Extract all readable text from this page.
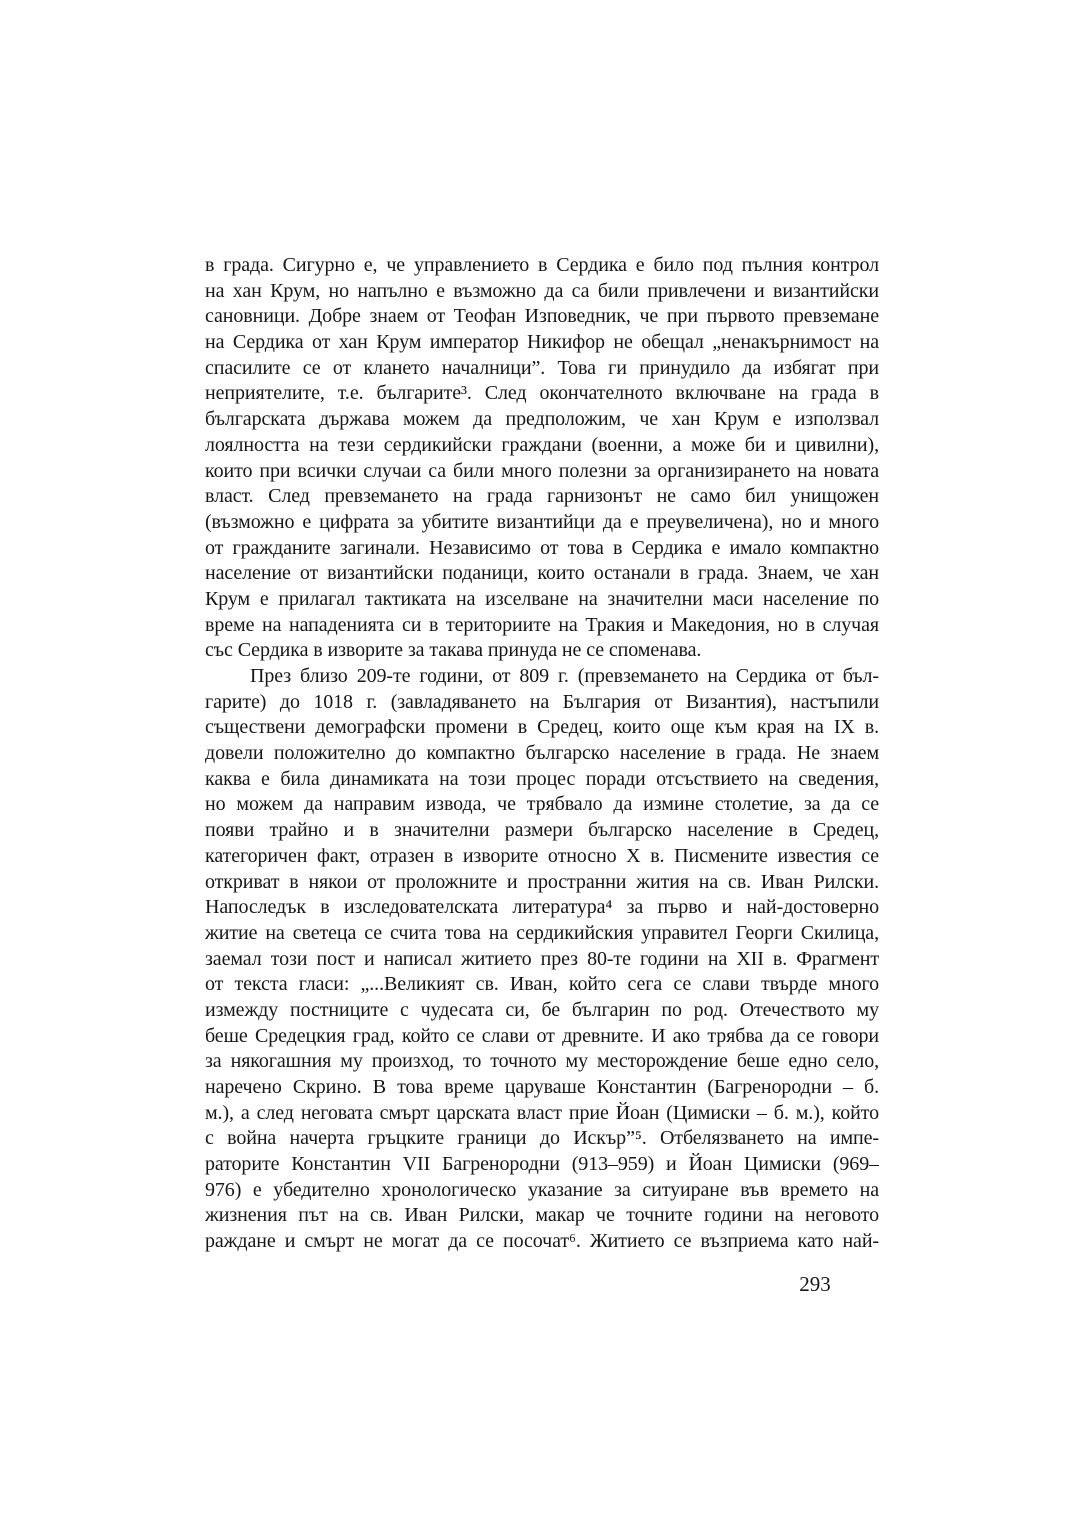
в града. Сигурно е, че управлението в Сердика е било под пълния контрол
на хан Крум, но напълно е възможно да са били привлечени и византийски
сановници. Добре знаем от Теофан Изповедник, че при първото превземане
на Сердика от хан Крум император Никифор не обещал „ненакърнимост на
спасилите се от клането началници”. Това ги принудило да избягат при
неприятелите, т.е. българите³. След окончателното включване на града в
българската държава можем да предположим, че хан Крум е използвал
лоялността на тези сердикийски граждани (военни, а може би и цивилни),
които при всички случаи са били много полезни за организирането на новата
власт. След превземането на града гарнизонът не само бил унищожен
(възможно е цифрата за убитите византийци да е преувеличена), но и много
от гражданите загинали. Независимо от това в Сердика е имало компактно
население от византийски поданици, които останали в града. Знаем, че хан
Крум е прилагал тактиката на изселване на значителни маси население по
време на нападенията си в териториите на Тракия и Македония, но в случая
със Сердика в изворите за такава принуда не се споменава.
През близо 209-те години, от 809 г. (превземането на Сердика от бъл-
гарите) до 1018 г. (завладяването на България от Византия), настъпили
съществени демографски промени в Средец, които още към края на IX в.
довели положително до компактно българско население в града. Не знаем
каква е била динамиката на този процес поради отсъствието на сведения,
но можем да направим извода, че трябвало да измине столетие, за да се
появи трайно и в значителни размери българско население в Средец,
категоричен факт, отразен в изворите относно X в. Писмените известия се
откриват в някои от проложните и пространни жития на св. Иван Рилски.
Напоследък в изследователската литература⁴ за първо и най-достоверно
житие на светеца се счита това на сердикийския управител Георги Скилица,
заемал този пост и написал житието през 80-те години на XII в. Фрагмент
от текста гласи: „...Великият св. Иван, който сега се слави твърде много
измежду постниците с чудесата си, бе българин по род. Отечеството му
беше Средецкия град, който се слави от древните. И ако трябва да се говори
за някогашния му произход, то точното му месторождение беше едно село,
наречено Скрино. В това време царуваше Константин (Багренородни – б.
м.), а след неговата смърт царската власт прие Йоан (Цимиски – б. м.), който
с война начерта гръцките граници до Искър”⁵. Отбелязването на импе-
раторите Константин VII Багренородни (913–959) и Йоан Цимиски (969–
976) е убедително хронологическо указание за ситуиране във времето на
жизнения път на св. Иван Рилски, макар че точните години на неговото
раждане и смърт не могат да се посочат⁶. Житието се възприема като най-
293
